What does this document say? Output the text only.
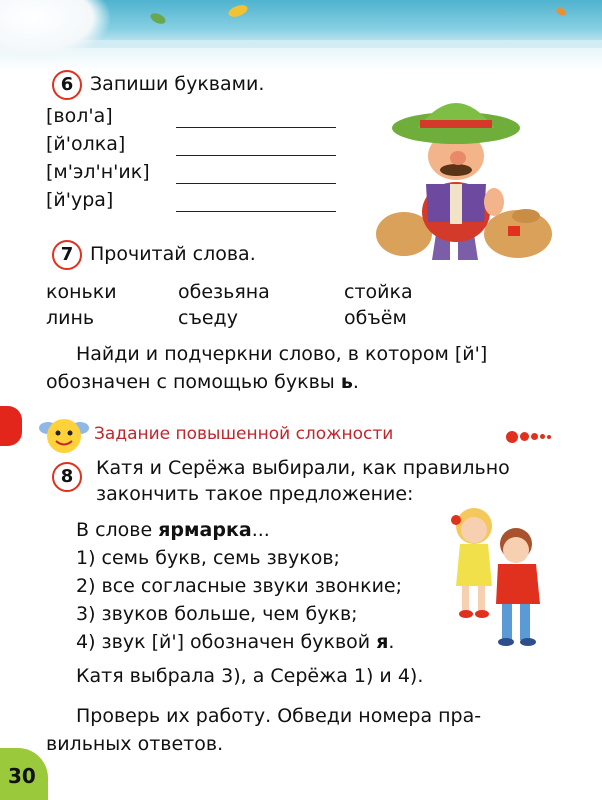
6 Запиши буквами.
[вол'а]
[й'олка]
[м'эл'н'ик]
[й'ура]
7 Прочитай слова.
коньки	обезьяна	стойка
линь	съеду	объём
Найди и подчеркни слово, в котором [й']
обозначен с помощью буквы ь.
Задание повышенной сложности
8	Катя и Серёжа выбирали, как правильно
закончить такое предложение:
В слове ярмарка...
1) семь букв, семь звуков;
2) все согласные звуки звонкие;
3) звуков больше, чем букв;
4) звук [й'] обозначен буквой я.
Катя выбрала 3), а Серёжа 1) и 4).
Проверь их работу. Обведи номера пра-
вильных ответов.
30
